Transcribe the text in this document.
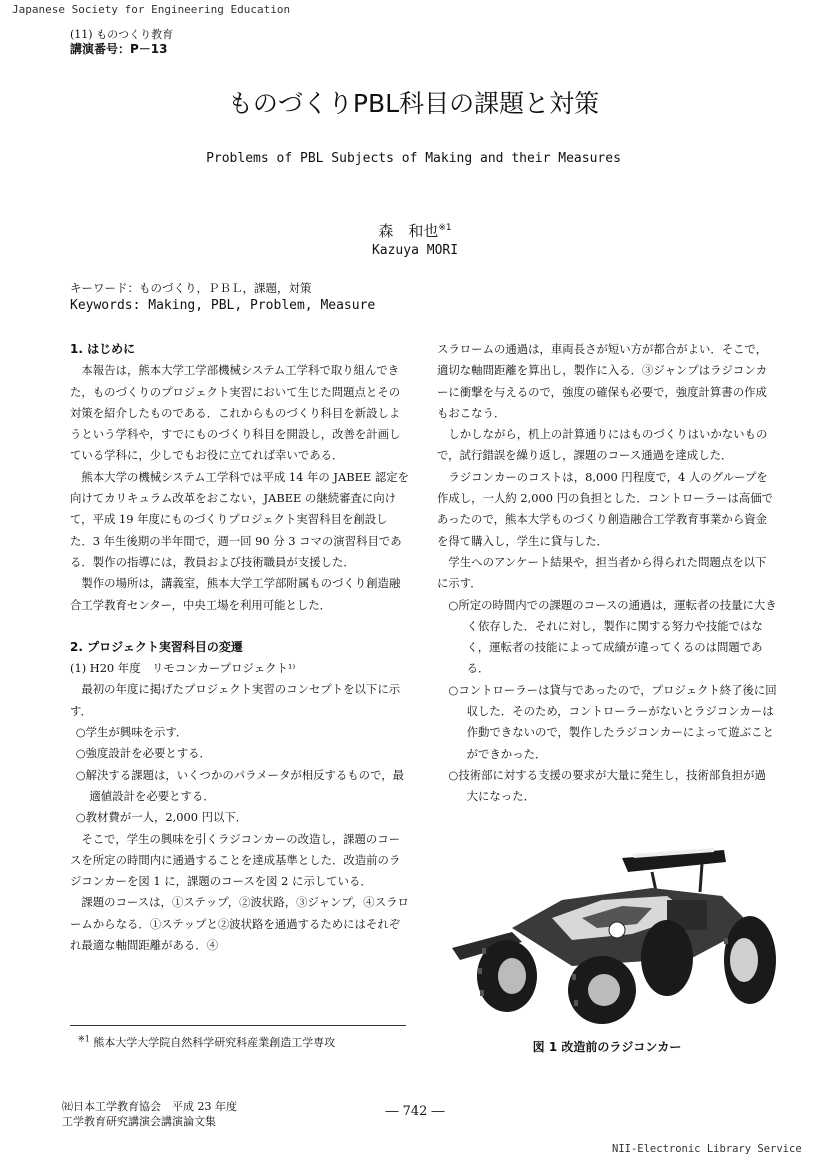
Japanese Society for Engineering Education
(11) ものつくり教育
講演番号：P－13
ものづくりPBL科目の課題と対策
Problems of PBL Subjects of Making and their Measures
森　和也$^{※1}$
Kazuya MORI
キーワード：ものづくり，ＰＢＬ，課題，対策
Keywords: Making, PBL, Problem, Measure

1. はじめに

本報告は，熊本大学工学部機械システム工学科で取り組んできた，ものづくりのプロジェクト実習において生じた問題点とその対策を紹介したものである．これからものづくり科目を新設しようという学科や，すでにものづくり科目を開設し，改善を計画している学科に，少しでもお役に立てれば幸いである．

熊本大学の機械システム工学科では平成 14 年の JABEE 認定を向けてカリキュラム改革をおこない，JABEE の継続審査に向けて，平成 19 年度にものづくりプロジェクト実習科目を創設した．3 年生後期の半年間で，週一回 90 分 3 コマの演習科目である．製作の指導には，教員および技術職員が支援した．

製作の場所は，講義室，熊本大学工学部附属ものづくり創造融合工学教育センター，中央工場を利用可能とした．

2. プロジェクト実習科目の変遷

(1) H20 年度　リモコンカープロジェクト¹⁾

最初の年度に掲げたプロジェクト実習のコンセプトを以下に示す．

○学生が興味を示す．

○強度設計を必要とする．

○解決する課題は，いくつかのパラメータが相反するもので，最適値設計を必要とする．

○教材費が一人，2,000 円以下．

そこで，学生の興味を引くラジコンカーの改造し，課題のコースを所定の時間内に通過することを達成基準とした．改造前のラジコンカーを図 1 に，課題のコースを図 2 に示している．

課題のコースは，①ステップ，②波状路，③ジャンプ，④スラロームからなる．①ステップと②波状路を通過するためにはそれぞれ最適な軸間距離がある．④

スラロームの通過は，車両長さが短い方が都合がよい．そこで，適切な軸間距離を算出し，製作に入る．③ジャンプはラジコンカーに衝撃を与えるので，強度の確保も必要で，強度計算書の作成もおこなう．

しかしながら，机上の計算通りにはものづくりはいかないもので，試行錯誤を繰り返し，課題のコース通過を達成した．

ラジコンカーのコストは，8,000 円程度で，4 人のグループを作成し，一人約 2,000 円の負担とした．コントローラーは高価であったので，熊本大学ものづくり創造融合工学教育事業から資金を得て購入し，学生に貸与した．

学生へのアンケート結果や，担当者から得られた問題点を以下に示す．

○所定の時間内での課題のコースの通過は，運転者の技量に大きく依存した．それに対し，製作に関する努力や技能ではなく，運転者の技能によって成績が違ってくるのは問題である．

○コントローラーは貸与であったので，プロジェクト終了後に回収した．そのため，コントローラーがないとラジコンカーは作動できないので，製作したラジコンカーによって遊ぶことができかった．

○技術部に対する支援の要求が大量に発生し，技術部負担が過大になった．

図 1 改造前のラジコンカー
$^{※1}$ 熊本大学大学院自然科学研究科産業創造工学専攻
㈳日本工学教育協会　平成 23 年度
工学教育研究講演会講演論文集
― 742 ―
NII-Electronic Library Service
